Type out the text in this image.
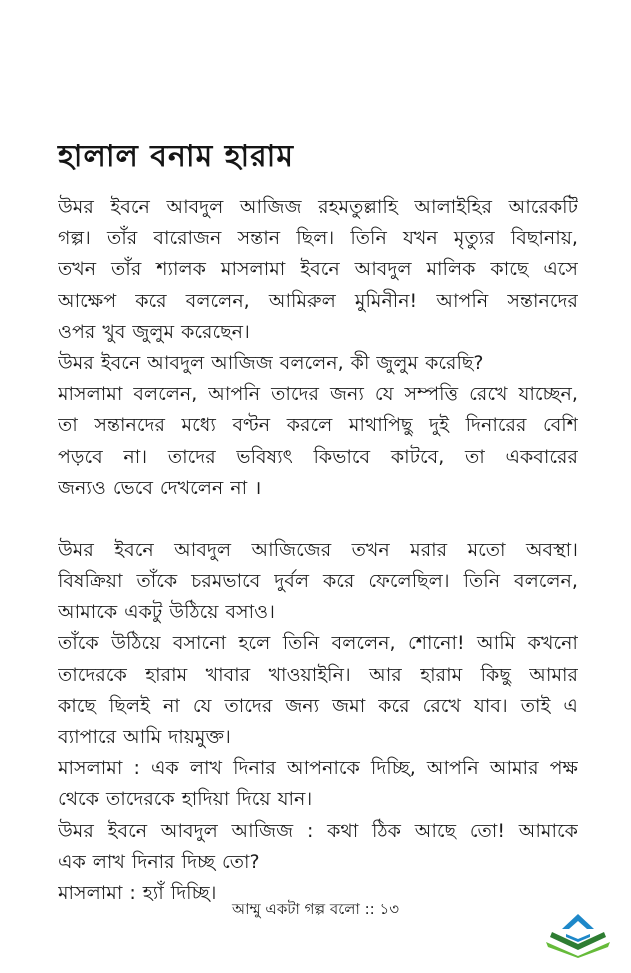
হালাল বনাম হারাম
উমর ইবনে আবদুল আজিজ রহমতুল্লাহি আলাইহির আরেকটি
গল্প। তাঁর বারোজন সন্তান ছিল। তিনি যখন মৃত্যুর বিছানায়,
তখন তাঁর শ্যালক মাসলামা ইবনে আবদুল মালিক কাছে এসে
আক্ষেপ করে বললেন, আমিরুল মুমিনীন! আপনি সন্তানদের
ওপর খুব জুলুম করেছেন।
উমর ইবনে আবদুল আজিজ বললেন, কী জুলুম করেছি?
মাসলামা বললেন, আপনি তাদের জন্য যে সম্পত্তি রেখে যাচ্ছেন,
তা সন্তানদের মধ্যে বণ্টন করলে মাথাপিছু দুই দিনারের বেশি
পড়বে না। তাদের ভবিষ্যৎ কিভাবে কাটবে, তা একবারের
জন্যও ভেবে দেখলেন না ।
উমর ইবনে আবদুল আজিজের তখন মরার মতো অবস্থা।
বিষক্রিয়া তাঁকে চরমভাবে দুর্বল করে ফেলেছিল। তিনি বললেন,
আমাকে একটু উঠিয়ে বসাও।
তাঁকে উঠিয়ে বসানো হলে তিনি বললেন, শোনো! আমি কখনো
তাদেরকে হারাম খাবার খাওয়াইনি। আর হারাম কিছু আমার
কাছে ছিলই না যে তাদের জন্য জমা করে রেখে যাব। তাই এ
ব্যাপারে আমি দায়মুক্ত।
মাসলামা : এক লাখ দিনার আপনাকে দিচ্ছি, আপনি আমার পক্ষ
থেকে তাদেরকে হাদিয়া দিয়ে যান।
উমর ইবনে আবদুল আজিজ : কথা ঠিক আছে তো! আমাকে
এক লাখ দিনার দিচ্ছ তো?
মাসলামা : হ্যাঁ দিচ্ছি।
আম্মু একটা গল্প বলো :: ১৩
